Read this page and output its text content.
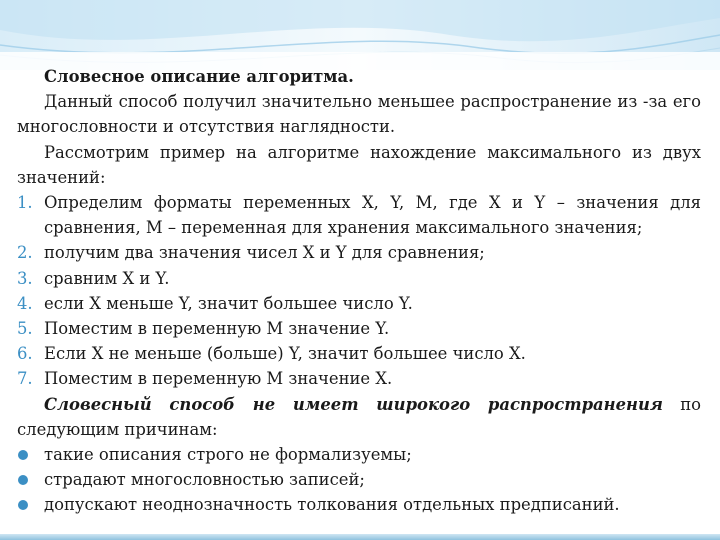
Словесное описание алгоритма.

Данный способ получил значительно меньшее распространение из -за его многословности и отсутствия наглядности.

Рассмотрим пример на алгоритме нахождение максимального из двух значений:

1. Определим форматы переменных X, Y, M, где X и Y – значения для сравнения, M – переменная для хранения максимального значения;
2. получим два значения чисел X и Y для сравнения;
3. сравним X и Y.
4. если X меньше Y, значит большее число Y.
5. Поместим в переменную M значение Y.
6. Если X не меньше (больше) Y, значит большее число X.
7. Поместим в переменную M значение X.

Словесный способ не имеет широкого распространения по следующим причинам:

такие описания строго не формализуемы;
страдают многословностью записей;
допускают неоднозначность толкования отдельных предписаний.
